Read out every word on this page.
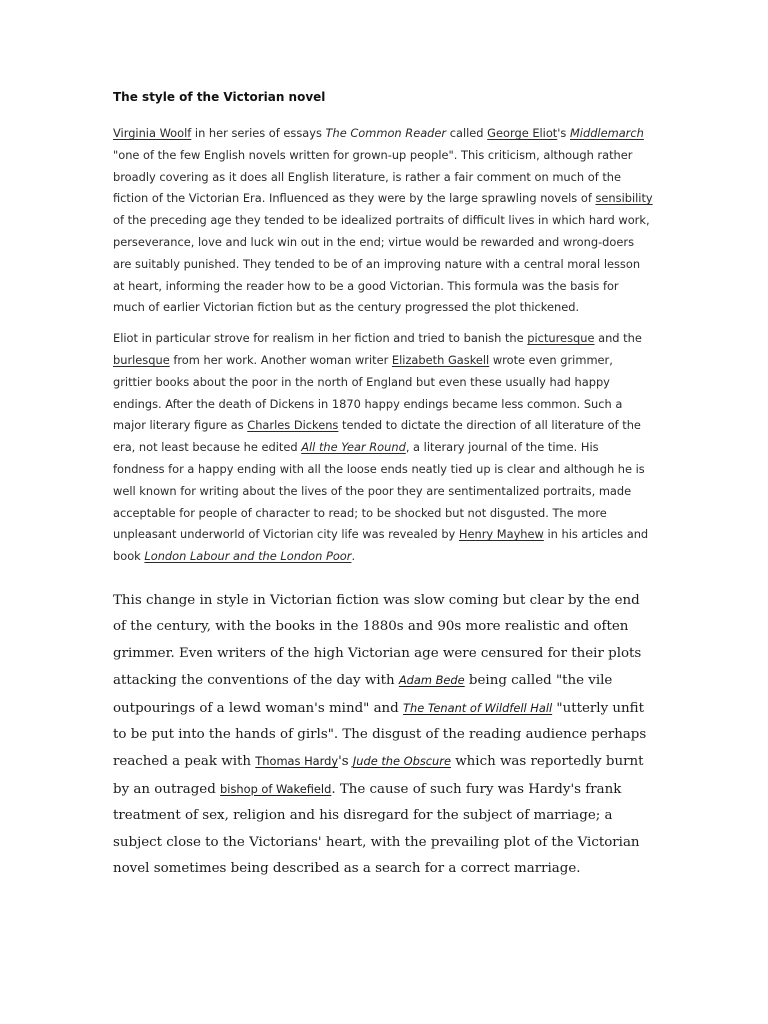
The style of the Victorian novel

Virginia Woolf in her series of essays The Common Reader called George Eliot's Middlemarch "one of the few English novels written for grown-up people". This criticism, although rather broadly covering as it does all English literature, is rather a fair comment on much of the fiction of the Victorian Era. Influenced as they were by the large sprawling novels of sensibility of the preceding age they tended to be idealized portraits of difficult lives in which hard work, perseverance, love and luck win out in the end; virtue would be rewarded and wrong-doers are suitably punished. They tended to be of an improving nature with a central moral lesson at heart, informing the reader how to be a good Victorian. This formula was the basis for much of earlier Victorian fiction but as the century progressed the plot thickened.

Eliot in particular strove for realism in her fiction and tried to banish the picturesque and the burlesque from her work. Another woman writer Elizabeth Gaskell wrote even grimmer, grittier books about the poor in the north of England but even these usually had happy endings. After the death of Dickens in 1870 happy endings became less common. Such a major literary figure as Charles Dickens tended to dictate the direction of all literature of the era, not least because he edited All the Year Round, a literary journal of the time. His fondness for a happy ending with all the loose ends neatly tied up is clear and although he is well known for writing about the lives of the poor they are sentimentalized portraits, made acceptable for people of character to read; to be shocked but not disgusted. The more unpleasant underworld of Victorian city life was revealed by Henry Mayhew in his articles and book London Labour and the London Poor.

This change in style in Victorian fiction was slow coming but clear by the end of the century, with the books in the 1880s and 90s more realistic and often grimmer. Even writers of the high Victorian age were censured for their plots attacking the conventions of the day with Adam Bede being called "the vile outpourings of a lewd woman's mind" and The Tenant of Wildfell Hall "utterly unfit to be put into the hands of girls". The disgust of the reading audience perhaps reached a peak with Thomas Hardy's Jude the Obscure which was reportedly burnt by an outraged bishop of Wakefield. The cause of such fury was Hardy's frank treatment of sex, religion and his disregard for the subject of marriage; a subject close to the Victorians' heart, with the prevailing plot of the Victorian novel sometimes being described as a search for a correct marriage.
